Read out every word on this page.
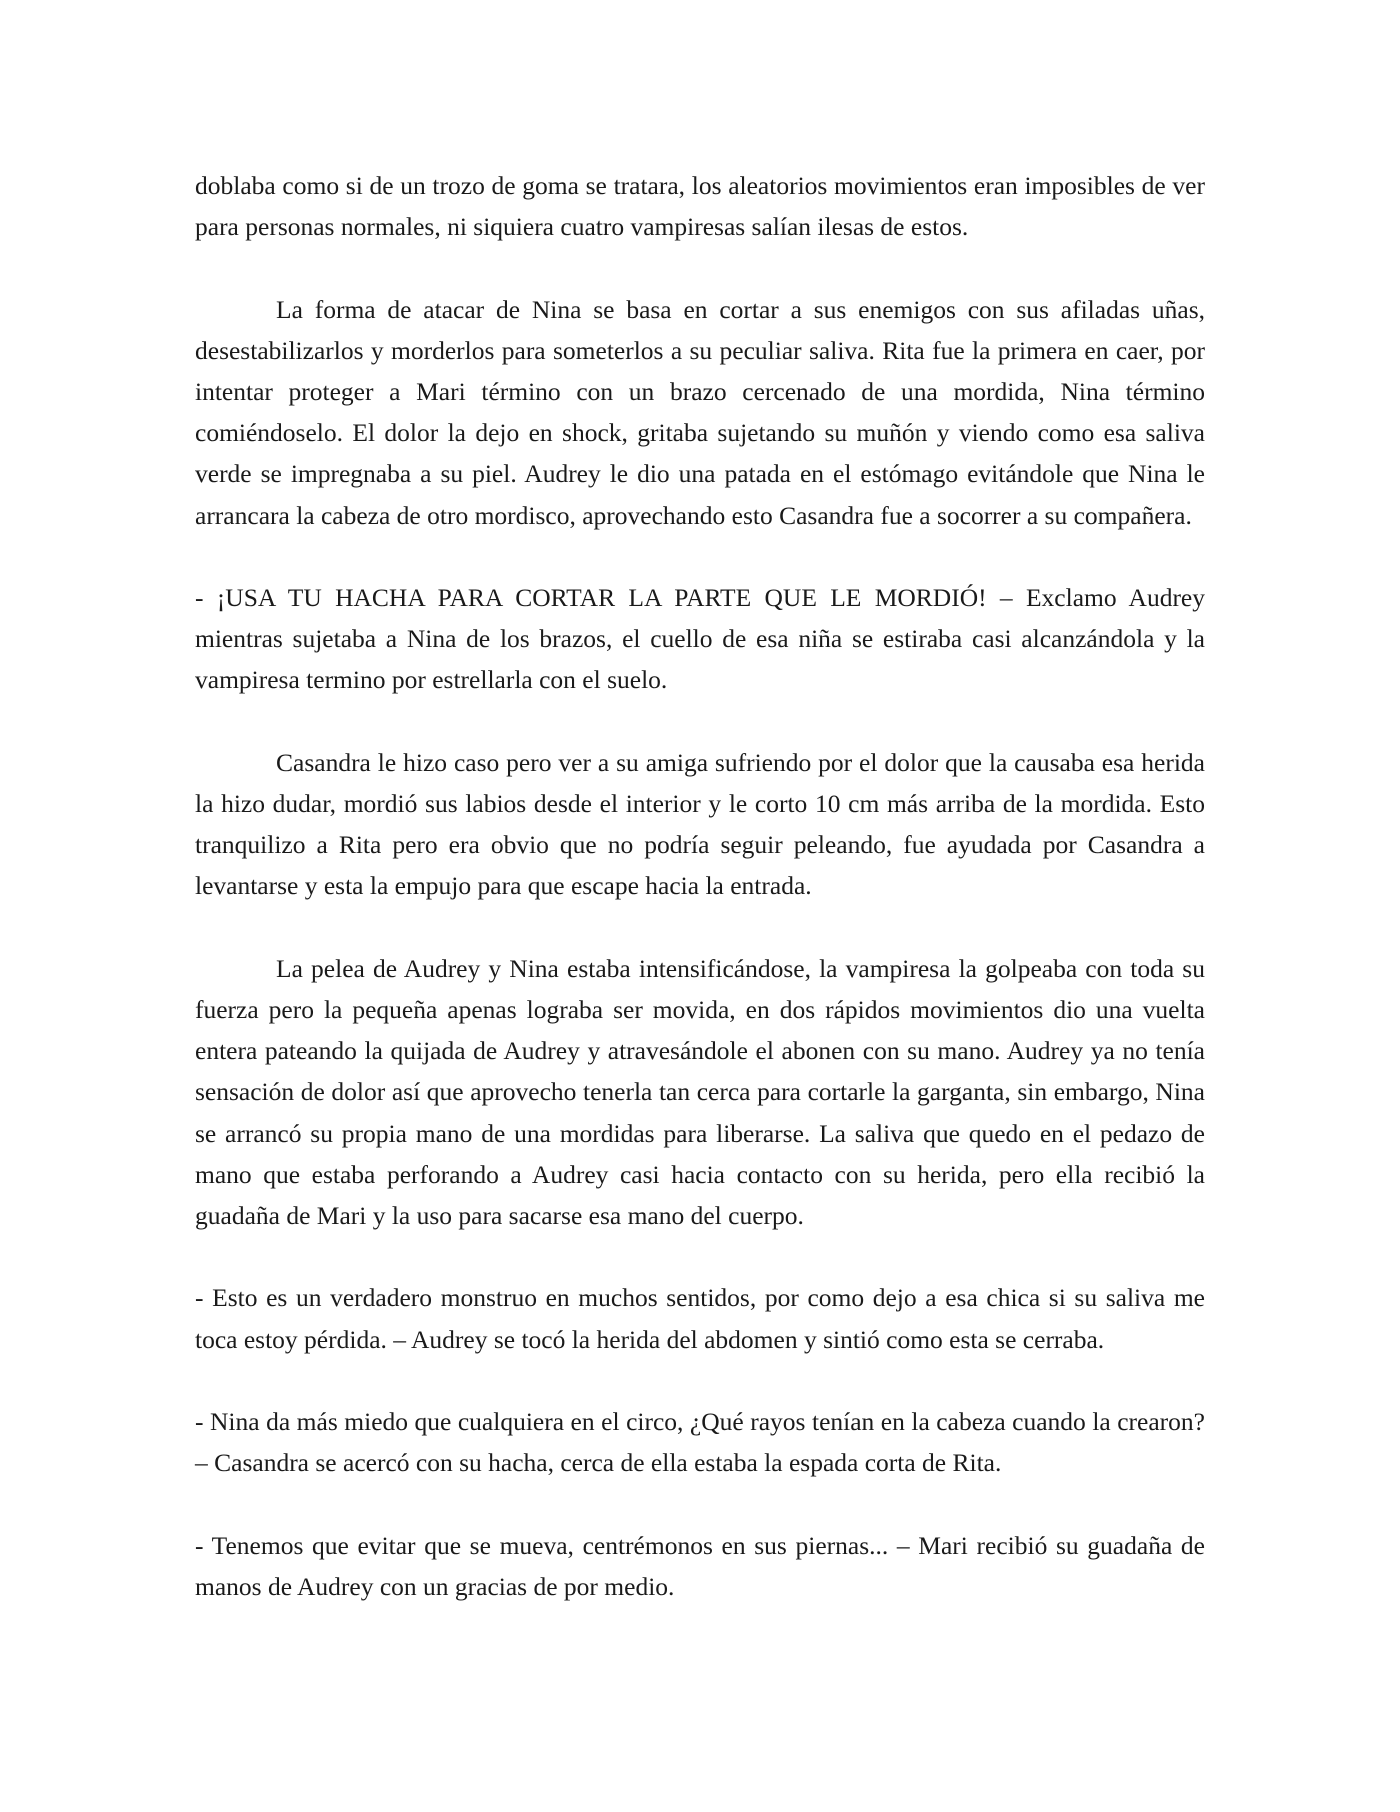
doblaba como si de un trozo de goma se tratara, los aleatorios movimientos eran imposibles de ver para personas normales, ni siquiera cuatro vampiresas salían ilesas de estos.

La forma de atacar de Nina se basa en cortar a sus enemigos con sus afiladas uñas, desestabilizarlos y morderlos para someterlos a su peculiar saliva. Rita fue la primera en caer, por intentar proteger a Mari término con un brazo cercenado de una mordida, Nina término comiéndoselo. El dolor la dejo en shock, gritaba sujetando su muñón y viendo como esa saliva verde se impregnaba a su piel. Audrey le dio una patada en el estómago evitándole que Nina le arrancara la cabeza de otro mordisco, aprovechando esto Casandra fue a socorrer a su compañera.

- ¡USA TU HACHA PARA CORTAR LA PARTE QUE LE MORDIÓ! – Exclamo Audrey mientras sujetaba a Nina de los brazos, el cuello de esa niña se estiraba casi alcanzándola y la vampiresa termino por estrellarla con el suelo.

Casandra le hizo caso pero ver a su amiga sufriendo por el dolor que la causaba esa herida la hizo dudar, mordió sus labios desde el interior y le corto 10 cm más arriba de la mordida. Esto tranquilizo a Rita pero era obvio que no podría seguir peleando, fue ayudada por Casandra a levantarse y esta la empujo para que escape hacia la entrada.

La pelea de Audrey y Nina estaba intensificándose, la vampiresa la golpeaba con toda su fuerza pero la pequeña apenas lograba ser movida, en dos rápidos movimientos dio una vuelta entera pateando la quijada de Audrey y atravesándole el abonen con su mano. Audrey ya no tenía sensación de dolor así que aprovecho tenerla tan cerca para cortarle la garganta, sin embargo, Nina se arrancó su propia mano de una mordidas para liberarse. La saliva que quedo en el pedazo de mano que estaba perforando a Audrey casi hacia contacto con su herida, pero ella recibió la guadaña de Mari y la uso para sacarse esa mano del cuerpo.

- Esto es un verdadero monstruo en muchos sentidos, por como dejo a esa chica si su saliva me toca estoy pérdida. – Audrey se tocó la herida del abdomen y sintió como esta se cerraba.

- Nina da más miedo que cualquiera en el circo, ¿Qué rayos tenían en la cabeza cuando la crearon? – Casandra se acercó con su hacha, cerca de ella estaba la espada corta de Rita.

- Tenemos que evitar que se mueva, centrémonos en sus piernas... – Mari recibió su guadaña de manos de Audrey con un gracias de por medio.
